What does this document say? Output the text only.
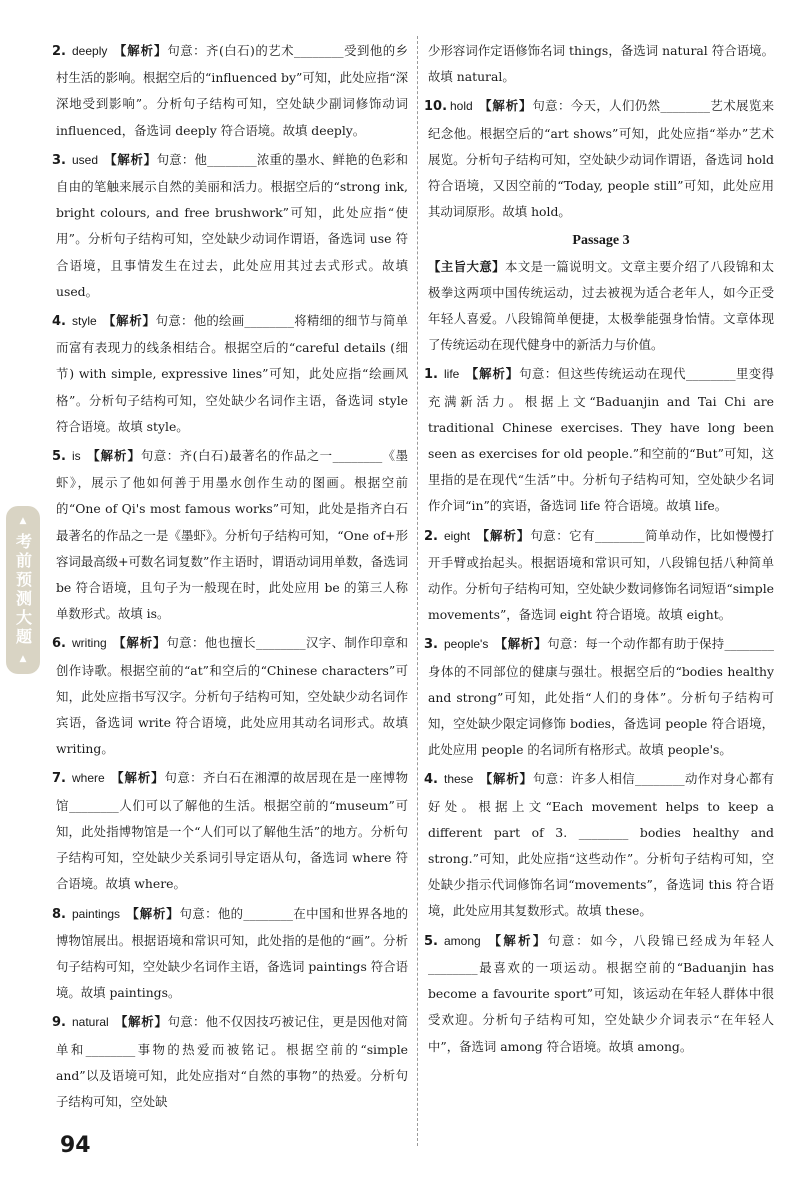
2. deeply 【解析】句意：齐(白石)的艺术________受到他的乡村生活的影响。根据空后的“influenced by”可知，此处应指“深深地受到影响”。分析句子结构可知，空处缺少副词修饰动词 influenced，备选词 deeply 符合语境。故填 deeply。
3. used 【解析】句意：他________浓重的墨水、鲜艳的色彩和自由的笔触来展示自然的美丽和活力。根据空后的“strong ink, bright colours, and free brushwork”可知，此处应指“使用”。分析句子结构可知，空处缺少动词作谓语，备选词 use 符合语境，且事情发生在过去，此处应用其过去式形式。故填 used。
4. style 【解析】句意：他的绘画________将精细的细节与简单而富有表现力的线条相结合。根据空后的“careful details (细节) with simple, expressive lines”可知，此处应指“绘画风格”。分析句子结构可知，空处缺少名词作主语，备选词 style 符合语境。故填 style。
5. is 【解析】句意：齐(白石)最著名的作品之一________《墨虾》，展示了他如何善于用墨水创作生动的图画。根据空前的“One of Qi's most famous works”可知，此处是指齐白石最著名的作品之一是《墨虾》。分析句子结构可知，“One of+形容词最高级+可数名词复数”作主语时，谓语动词用单数，备选词 be 符合语境，且句子为一般现在时，此处应用 be 的第三人称单数形式。故填 is。
6. writing 【解析】句意：他也擅长________汉字、制作印章和创作诗歌。根据空前的“at”和空后的“Chinese characters”可知，此处应指书写汉字。分析句子结构可知，空处缺少动名词作宾语，备选词 write 符合语境，此处应用其动名词形式。故填 writing。
7. where 【解析】句意：齐白石在湘潭的故居现在是一座博物馆________人们可以了解他的生活。根据空前的“museum”可知，此处指博物馆是一个“人们可以了解他生活”的地方。分析句子结构可知，空处缺少关系词引导定语从句，备选词 where 符合语境。故填 where。
8. paintings 【解析】句意：他的________在中国和世界各地的博物馆展出。根据语境和常识可知，此处指的是他的“画”。分析句子结构可知，空处缺少名词作主语，备选词 paintings 符合语境。故填 paintings。
9. natural 【解析】句意：他不仅因技巧被记住，更是因他对简单和________事物的热爱而被铭记。根据空前的“simple and”以及语境可知，此处应指对“自然的事物”的热爱。分析句子结构可知，空处缺
少形容词作定语修饰名词 things，备选词 natural 符合语境。故填 natural。
10. hold 【解析】句意：今天，人们仍然________艺术展览来纪念他。根据空后的“art shows”可知，此处应指“举办”艺术展览。分析句子结构可知，空处缺少动词作谓语，备选词 hold 符合语境，又因空前的“Today, people still”可知，此处应用其动词原形。故填 hold。
Passage 3
【主旨大意】本文是一篇说明文。文章主要介绍了八段锦和太极拳这两项中国传统运动，过去被视为适合老年人，如今正受年轻人喜爱。八段锦简单便捷，太极拳能强身怡情。文章体现了传统运动在现代健身中的新活力与价值。
1. life 【解析】句意：但这些传统运动在现代________里变得充满新活力。根据上文“Baduanjin and Tai Chi are traditional Chinese exercises. They have long been seen as exercises for old people.”和空前的“But”可知，这里指的是在现代“生活”中。分析句子结构可知，空处缺少名词作介词“in”的宾语，备选词 life 符合语境。故填 life。
2. eight 【解析】句意：它有________简单动作，比如慢慢打开手臂或抬起头。根据语境和常识可知，八段锦包括八种简单动作。分析句子结构可知，空处缺少数词修饰名词短语“simple movements”，备选词 eight 符合语境。故填 eight。
3. people's 【解析】句意：每一个动作都有助于保持________身体的不同部位的健康与强壮。根据空后的“bodies healthy and strong”可知，此处指“人们的身体”。分析句子结构可知，空处缺少限定词修饰 bodies，备选词 people 符合语境，此处应用 people 的名词所有格形式。故填 people's。
4. these 【解析】句意：许多人相信________动作对身心都有好处。根据上文“Each movement helps to keep a different part of 3. ________ bodies healthy and strong.”可知，此处应指“这些动作”。分析句子结构可知，空处缺少指示代词修饰名词“movements”，备选词 this 符合语境，此处应用其复数形式。故填 these。
5. among 【解析】句意：如今，八段锦已经成为年轻人________最喜欢的一项运动。根据空前的“Baduanjin has become a favourite sport”可知，该运动在年轻人群体中很受欢迎。分析句子结构可知，空处缺少介词表示“在年轻人中”，备选词 among 符合语境。故填 among。
▲
考前预测大题
▲
94
